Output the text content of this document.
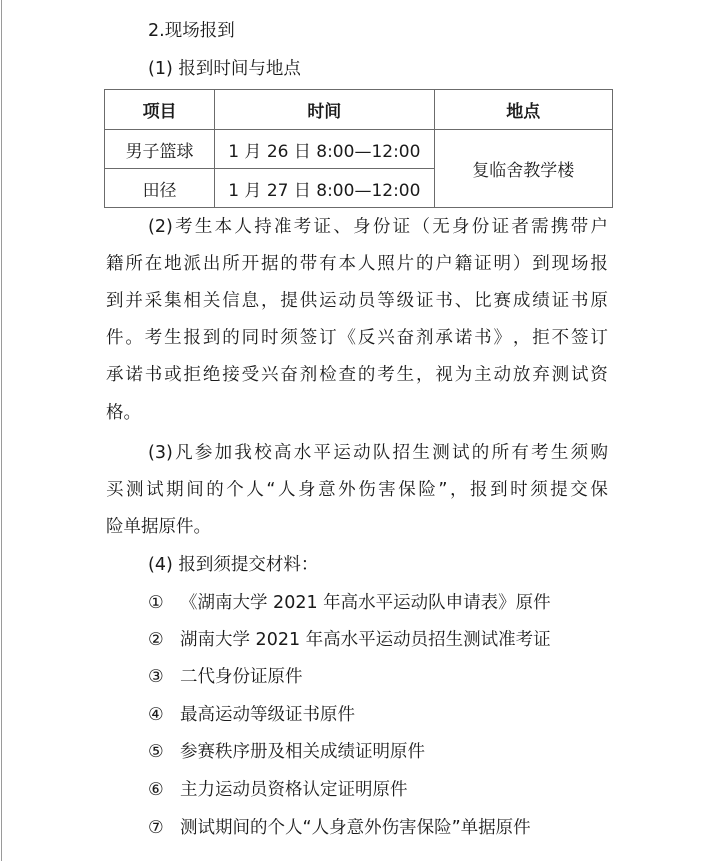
2.现场报到
(1) 报到时间与地点
项目	时间	地点
男子篮球	1 月 26 日 8:00—12:00	复临舍教学楼
田径	1 月 27 日 8:00—12:00	
(2) 考 生 本 人 持 准 考 证 、 身 份 证 （ 无 身 份 证 者 需 携 带 户
籍 所 在 地 派 出 所 开 据 的 带 有 本 人 照 片 的 户 籍 证 明 ） 到 现 场 报
到 并 采 集 相 关 信 息 ， 提 供 运 动 员 等 级 证 书 、 比 赛 成 绩 证 书 原
件 。 考 生 报 到 的 同 时 须 签 订 《 反 兴 奋 剂 承 诺 书 》 ， 拒 不 签 订
承 诺 书 或 拒 绝 接 受 兴 奋 剂 检 查 的 考 生 ， 视 为 主 动 放 弃 测 试 资
格。
(3) 凡 参 加 我 校 高 水 平 运 动 队 招 生 测 试 的 所 有 考 生 须 购
买 测 试 期 间 的 个 人 “ 人 身 意 外 伤 害 保 险 ” ， 报 到 时 须 提 交 保
险单据原件。
(4) 报到须提交材料：
① 《湖南大学 2021 年高水平运动队申请表》原件
② 湖南大学 2021 年高水平运动员招生测试准考证
③ 二代身份证原件
④ 最高运动等级证书原件
⑤ 参赛秩序册及相关成绩证明原件
⑥ 主力运动员资格认定证明原件
⑦ 测试期间的个人“人身意外伤害保险”单据原件
